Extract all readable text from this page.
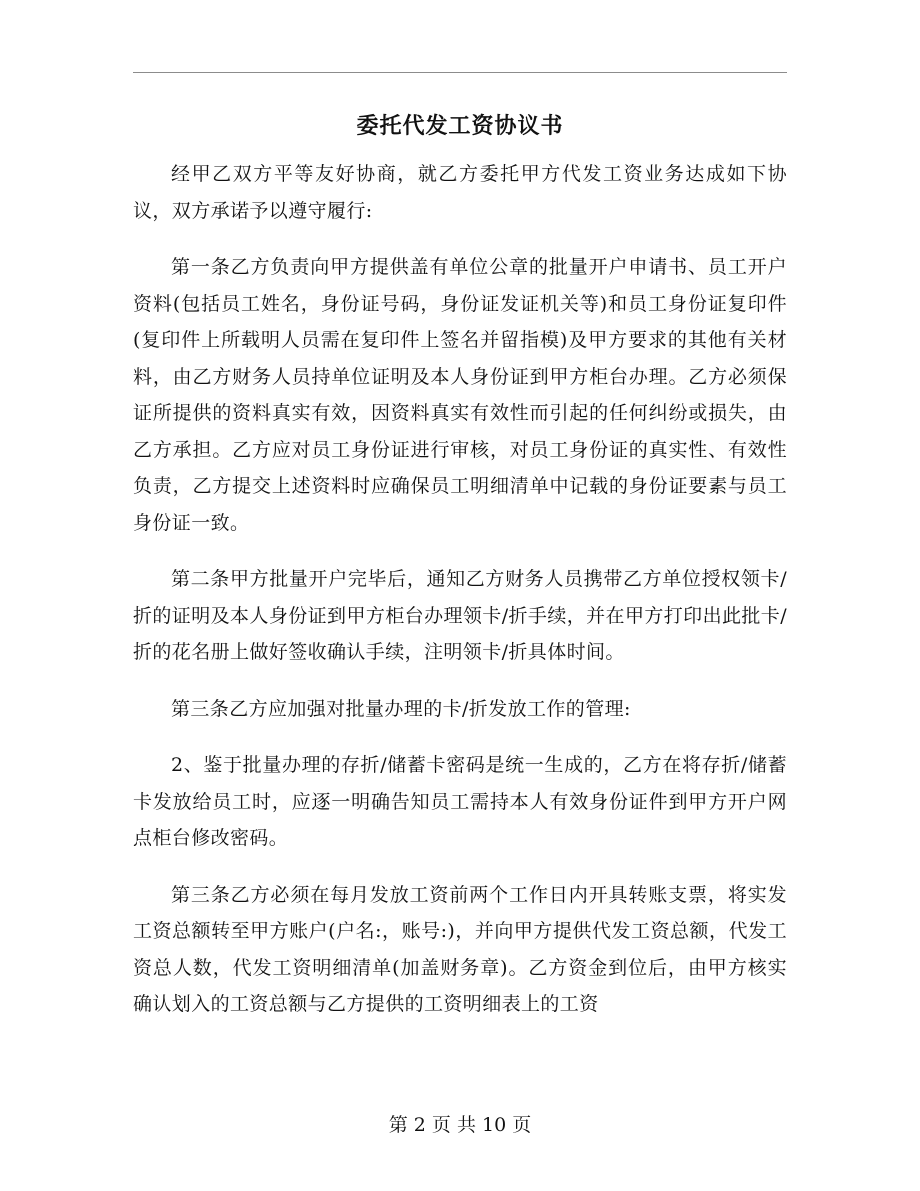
委托代发工资协议书

经甲乙双方平等友好协商，就乙方委托甲方代发工资业务达成如下协议，双方承诺予以遵守履行:

第一条乙方负责向甲方提供盖有单位公章的批量开户申请书、员工开户资料(包括员工姓名，身份证号码，身份证发证机关等)和员工身份证复印件(复印件上所载明人员需在复印件上签名并留指模)及甲方要求的其他有关材料，由乙方财务人员持单位证明及本人身份证到甲方柜台办理。乙方必须保证所提供的资料真实有效，因资料真实有效性而引起的任何纠纷或损失，由乙方承担。乙方应对员工身份证进行审核，对员工身份证的真实性、有效性负责，乙方提交上述资料时应确保员工明细清单中记载的身份证要素与员工身份证一致。

第二条甲方批量开户完毕后，通知乙方财务人员携带乙方单位授权领卡/折的证明及本人身份证到甲方柜台办理领卡/折手续，并在甲方打印出此批卡/折的花名册上做好签收确认手续，注明领卡/折具体时间。

第三条乙方应加强对批量办理的卡/折发放工作的管理:

2、鉴于批量办理的存折/储蓄卡密码是统一生成的，乙方在将存折/储蓄卡发放给员工时，应逐一明确告知员工需持本人有效身份证件到甲方开户网点柜台修改密码。

第三条乙方必须在每月发放工资前两个工作日内开具转账支票，将实发工资总额转至甲方账户(户名:，账号:)，并向甲方提供代发工资总额，代发工资总人数，代发工资明细清单(加盖财务章)。乙方资金到位后，由甲方核实确认划入的工资总额与乙方提供的工资明细表上的工资

第 2 页 共 10 页
